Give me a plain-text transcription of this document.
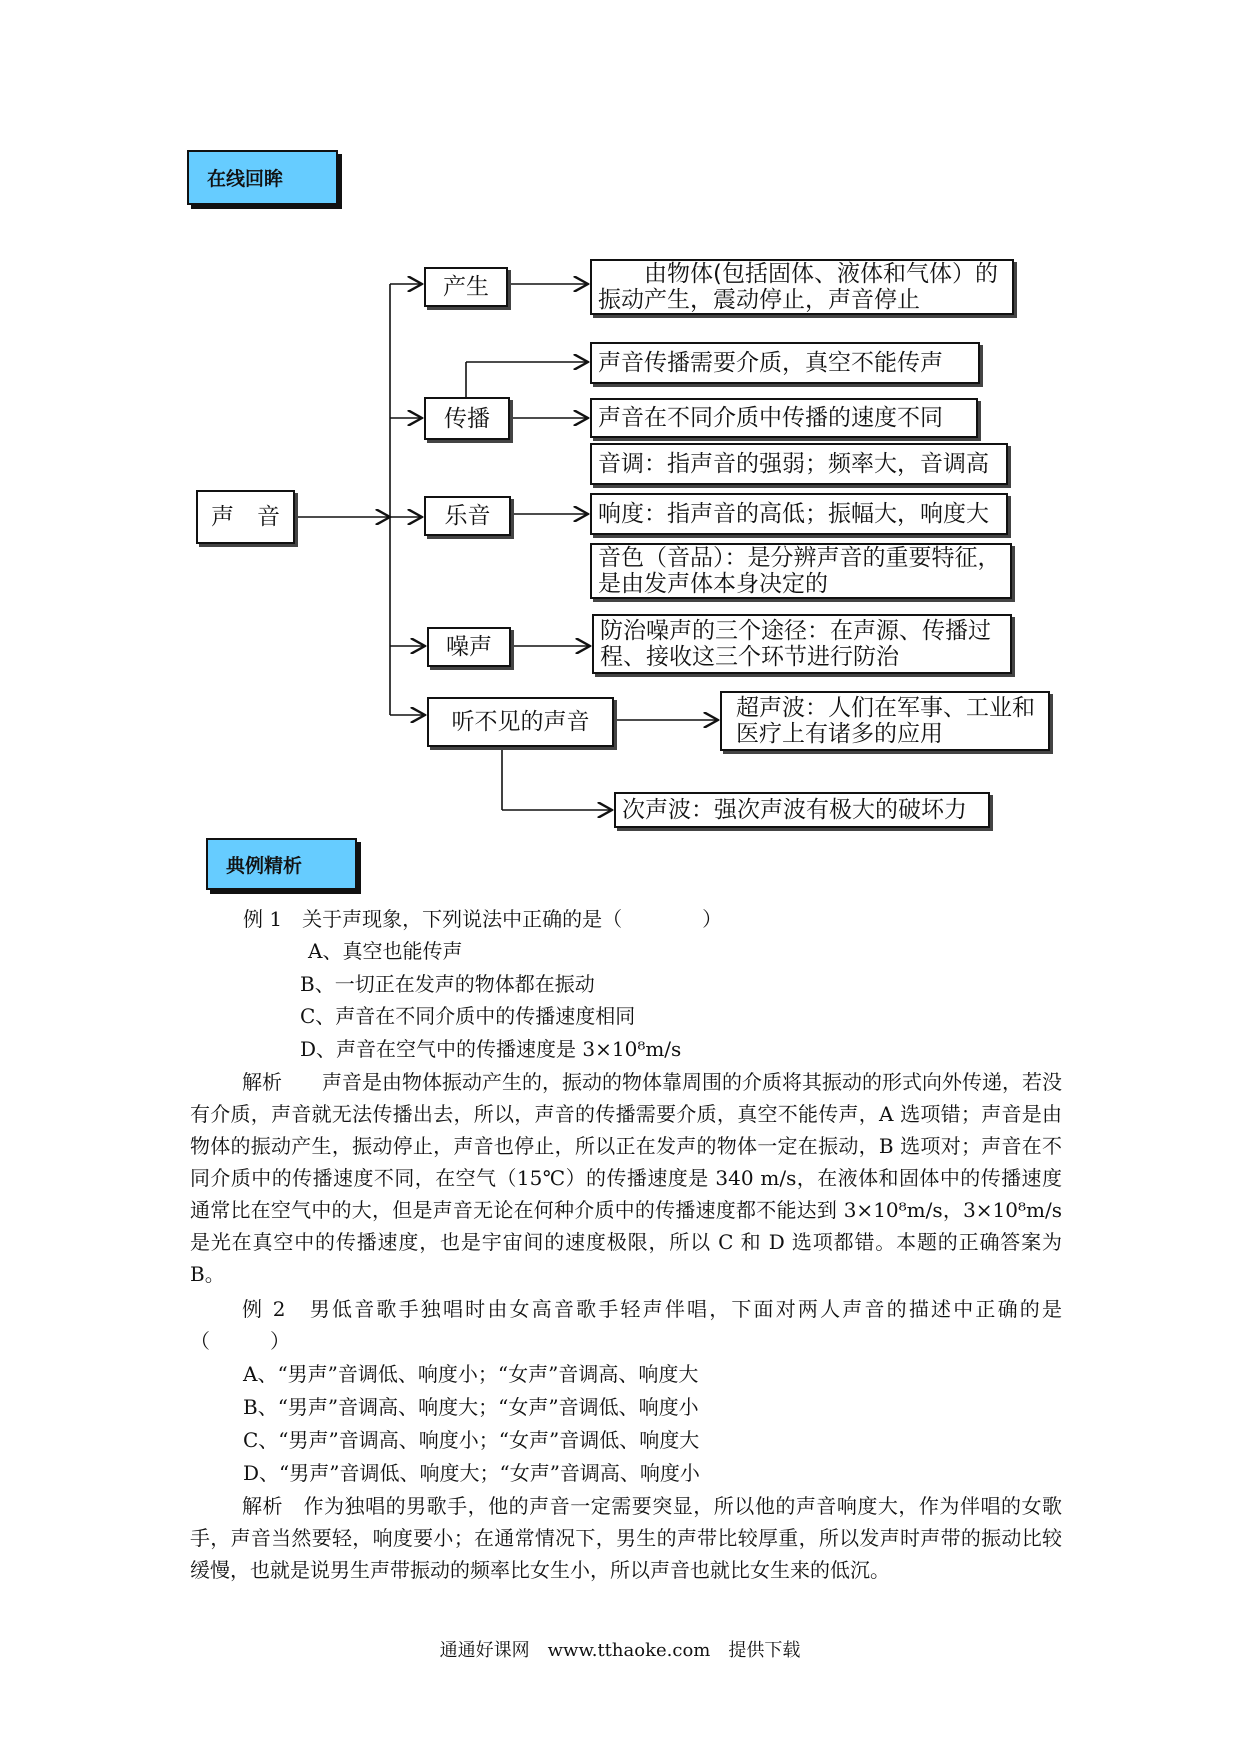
在线回眸
声　音
产生
传播
乐音
噪声
听不见的声音
由物体(包括固体、液体和气体）的
振动产生，震动停止，声音停止
声音传播需要介质，真空不能传声
声音在不同介质中传播的速度不同
音调：指声音的强弱；频率大，音调高
响度：指声音的高低；振幅大，响度大
音色（音品）：是分辨声音的重要特征，
是由发声体本身决定的
防治噪声的三个途径：在声源、传播过
程、接收这三个环节进行防治
超声波：人们在军事、工业和
医疗上有诸多的应用
次声波：强次声波有极大的破坏力
典例精析
例 1　关于声现象，下列说法中正确的是（　　　　）
A、真空也能传声
B、一切正在发声的物体都在振动
C、声音在不同介质中的传播速度相同
D、声音在空气中的传播速度是 3×10⁸m/s
解析　　声音是由物体振动产生的，振动的物体靠周围的介质将其振动的形式向外传递，若没有介质，声音就无法传播出去，所以，声音的传播需要介质，真空不能传声，A 选项错；声音是由物体的振动产生，振动停止，声音也停止，所以正在发声的物体一定在振动，B 选项对；声音在不同介质中的传播速度不同，在空气（15℃）的传播速度是 340 m/s，在液体和固体中的传播速度通常比在空气中的大，但是声音无论在何种介质中的传播速度都不能达到 3×10⁸m/s，3×10⁸m/s 是光在真空中的传播速度，也是宇宙间的速度极限，所以 C 和 D 选项都错。本题的正确答案为 B。
例 2　男低音歌手独唱时由女高音歌手轻声伴唱，下面对两人声音的描述中正确的是（　　　）
A、“男声”音调低、响度小；“女声”音调高、响度大
B、“男声”音调高、响度大；“女声”音调低、响度小
C、“男声”音调高、响度小；“女声”音调低、响度大
D、“男声”音调低、响度大；“女声”音调高、响度小
解析　作为独唱的男歌手，他的声音一定需要突显，所以他的声音响度大，作为伴唱的女歌手，声音当然要轻，响度要小；在通常情况下，男生的声带比较厚重，所以发声时声带的振动比较缓慢，也就是说男生声带振动的频率比女生小，所以声音也就比女生来的低沉。
通通好课网　www.tthaoke.com　提供下载
